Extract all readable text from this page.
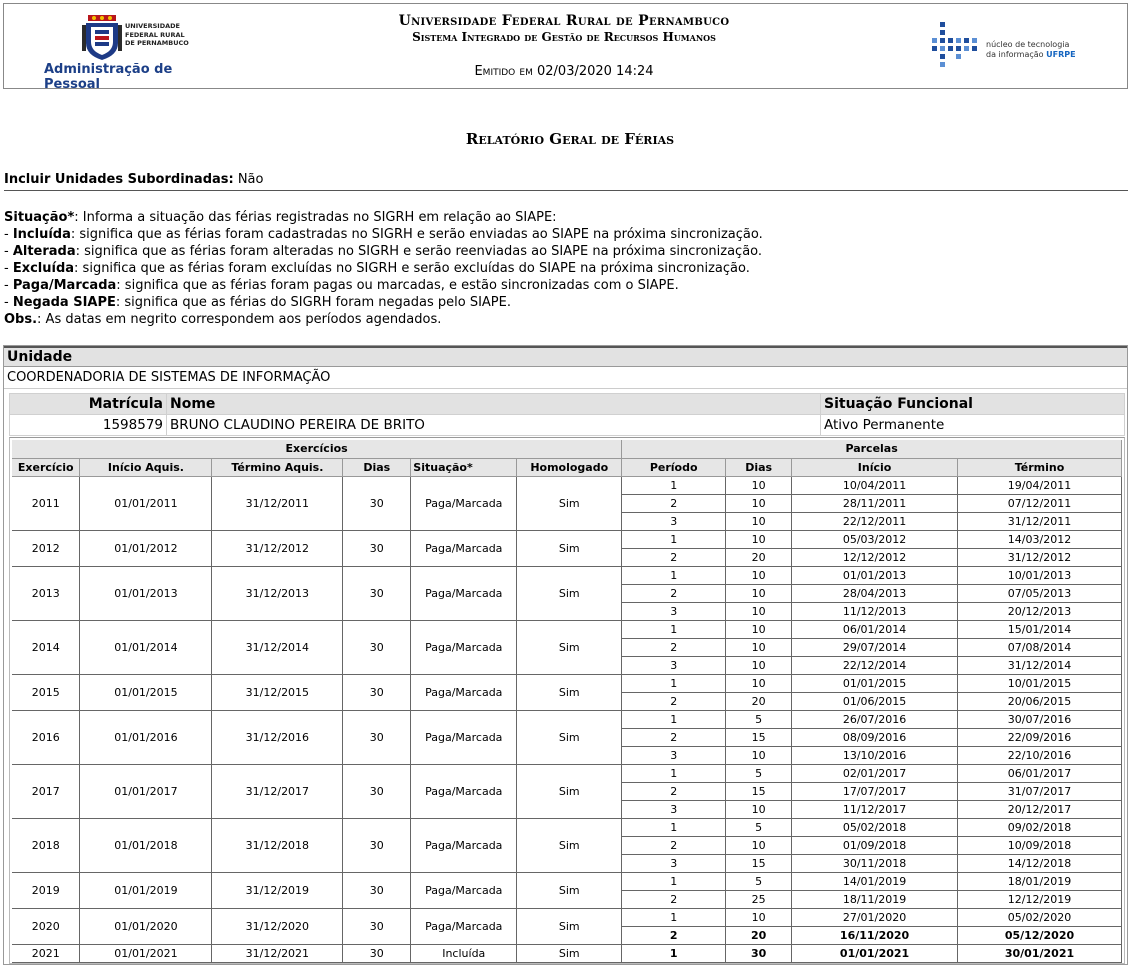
UNIVERSIDADE
FEDERAL RURAL
DE PERNAMBUCO
Administração de Pessoal
Universidade Federal Rural de Pernambuco
Sistema Integrado de Gestão de Recursos Humanos
Emitido em 02/03/2020 14:24
núcleo de tecnologia
da informação UFRPE
Relatório Geral de Férias
Incluir Unidades Subordinadas: Não
Situação*: Informa a situação das férias registradas no SIGRH em relação ao SIAPE:
- Incluída: significa que as férias foram cadastradas no SIGRH e serão enviadas ao SIAPE na próxima sincronização.
- Alterada: significa que as férias foram alteradas no SIGRH e serão reenviadas ao SIAPE na próxima sincronização.
- Excluída: significa que as férias foram excluídas no SIGRH e serão excluídas do SIAPE na próxima sincronização.
- Paga/Marcada: significa que as férias foram pagas ou marcadas, e estão sincronizadas com o SIAPE.
- Negada SIAPE: significa que as férias do SIGRH foram negadas pelo SIAPE.
Obs.: As datas em negrito correspondem aos períodos agendados.
Unidade
COORDENADORIA DE SISTEMAS DE INFORMAÇÃO
Matrícula	Nome	Situação Funcional
1598579	BRUNO CLAUDINO PEREIRA DE BRITO	Ativo Permanente
Exercícios						Parcelas			
Exercício	Início Aquis.	Término Aquis.	Dias	Situação*	Homologado	Período	Dias	Início	Término
2011	01/01/2011	31/12/2011	30	Paga/Marcada	Sim	1	10	10/04/2011	19/04/2011
						2	10	28/11/2011	07/12/2011
						3	10	22/12/2011	31/12/2011
2012	01/01/2012	31/12/2012	30	Paga/Marcada	Sim	1	10	05/03/2012	14/03/2012
						2	20	12/12/2012	31/12/2012
2013	01/01/2013	31/12/2013	30	Paga/Marcada	Sim	1	10	01/01/2013	10/01/2013
						2	10	28/04/2013	07/05/2013
						3	10	11/12/2013	20/12/2013
2014	01/01/2014	31/12/2014	30	Paga/Marcada	Sim	1	10	06/01/2014	15/01/2014
						2	10	29/07/2014	07/08/2014
						3	10	22/12/2014	31/12/2014
2015	01/01/2015	31/12/2015	30	Paga/Marcada	Sim	1	10	01/01/2015	10/01/2015
						2	20	01/06/2015	20/06/2015
2016	01/01/2016	31/12/2016	30	Paga/Marcada	Sim	1	5	26/07/2016	30/07/2016
						2	15	08/09/2016	22/09/2016
						3	10	13/10/2016	22/10/2016
2017	01/01/2017	31/12/2017	30	Paga/Marcada	Sim	1	5	02/01/2017	06/01/2017
						2	15	17/07/2017	31/07/2017
						3	10	11/12/2017	20/12/2017
2018	01/01/2018	31/12/2018	30	Paga/Marcada	Sim	1	5	05/02/2018	09/02/2018
						2	10	01/09/2018	10/09/2018
						3	15	30/11/2018	14/12/2018
2019	01/01/2019	31/12/2019	30	Paga/Marcada	Sim	1	5	14/01/2019	18/01/2019
						2	25	18/11/2019	12/12/2019
2020	01/01/2020	31/12/2020	30	Paga/Marcada	Sim	1	10	27/01/2020	05/02/2020
						2	20	16/11/2020	05/12/2020
2021	01/01/2021	31/12/2021	30	Incluída	Sim	1	30	01/01/2021	30/01/2021
